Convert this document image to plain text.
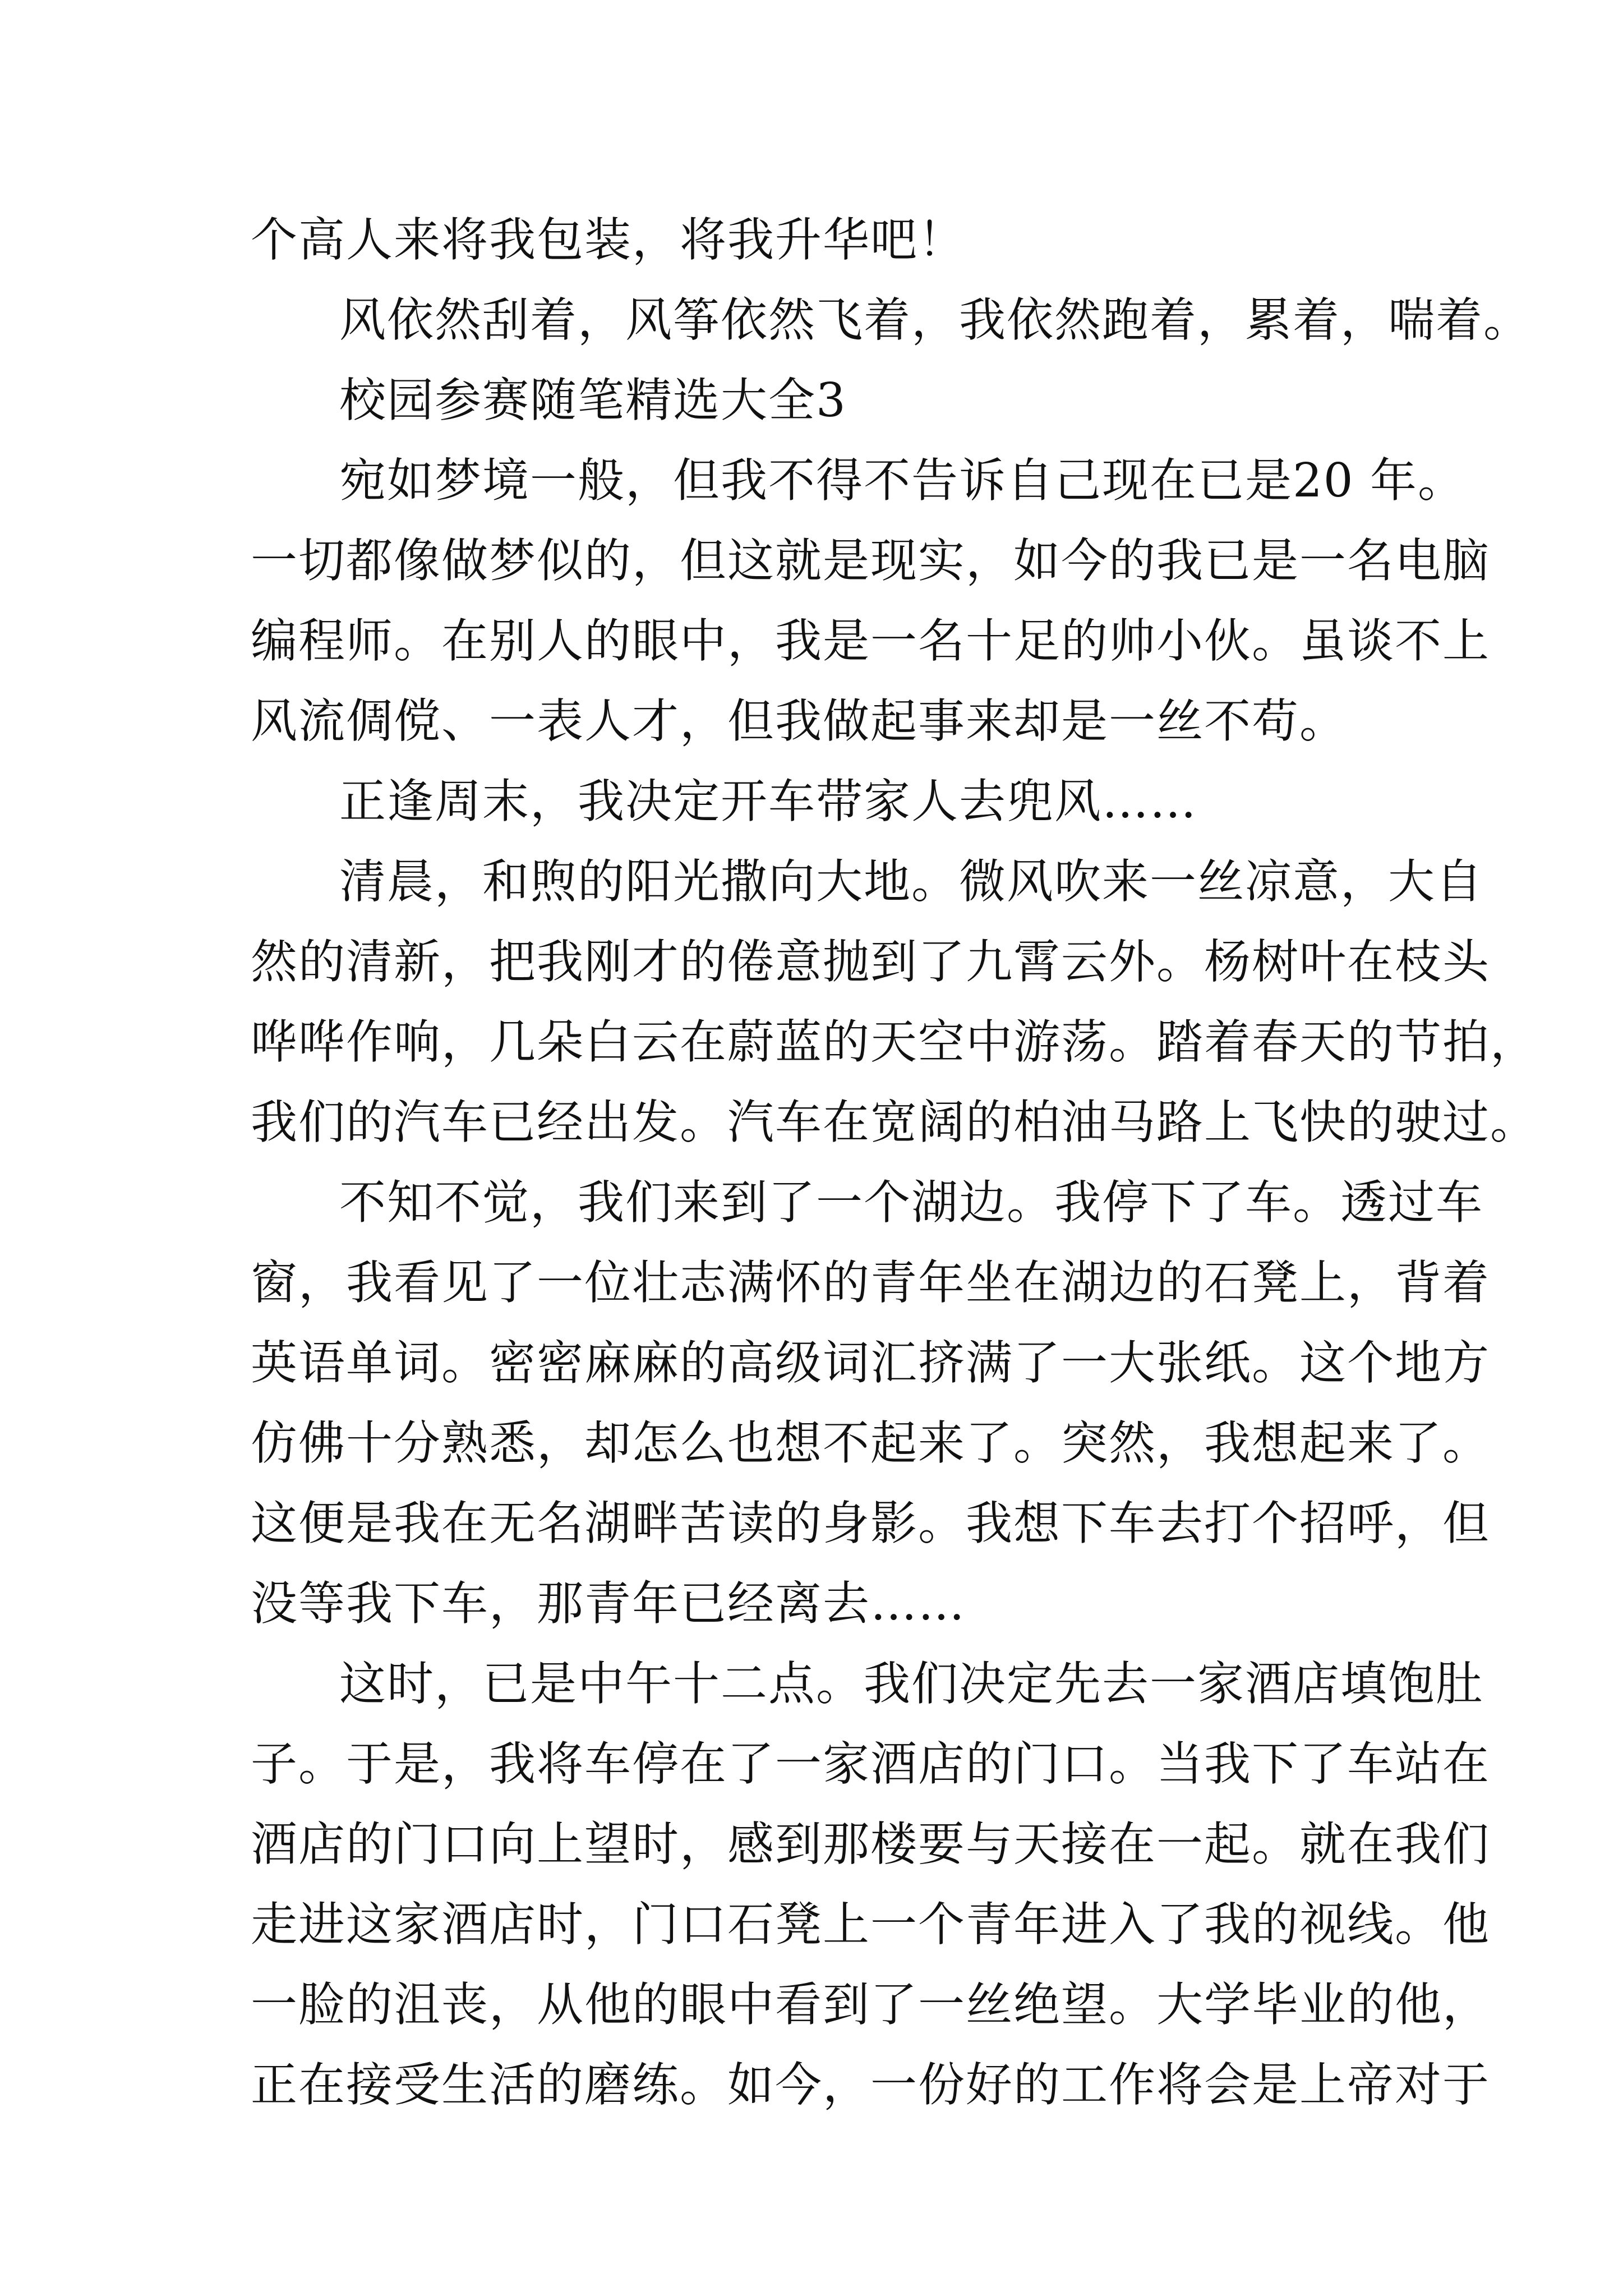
个高人来将我包装，将我升华吧！
风依然刮着，风筝依然飞着，我依然跑着，累着，喘着。
校园参赛随笔精选大全3
宛如梦境一般，但我不得不告诉自己现在已是20 年。
一切都像做梦似的，但这就是现实，如今的我已是一名电脑
编程师。在别人的眼中，我是一名十足的帅小伙。虽谈不上
风流倜傥、一表人才，但我做起事来却是一丝不苟。
正逢周末，我决定开车带家人去兜风……
清晨，和煦的阳光撒向大地。微风吹来一丝凉意，大自
然的清新，把我刚才的倦意抛到了九霄云外。杨树叶在枝头
哗哗作响，几朵白云在蔚蓝的天空中游荡。踏着春天的节拍，
我们的汽车已经出发。汽车在宽阔的柏油马路上飞快的驶过。
不知不觉，我们来到了一个湖边。我停下了车。透过车
窗，我看见了一位壮志满怀的青年坐在湖边的石凳上，背着
英语单词。密密麻麻的高级词汇挤满了一大张纸。这个地方
仿佛十分熟悉，却怎么也想不起来了。突然，我想起来了。
这便是我在无名湖畔苦读的身影。我想下车去打个招呼，但
没等我下车，那青年已经离去……
这时，已是中午十二点。我们决定先去一家酒店填饱肚
子。于是，我将车停在了一家酒店的门口。当我下了车站在
酒店的门口向上望时，感到那楼要与天接在一起。就在我们
走进这家酒店时，门口石凳上一个青年进入了我的视线。他
一脸的沮丧，从他的眼中看到了一丝绝望。大学毕业的他，
正在接受生活的磨练。如今，一份好的工作将会是上帝对于
